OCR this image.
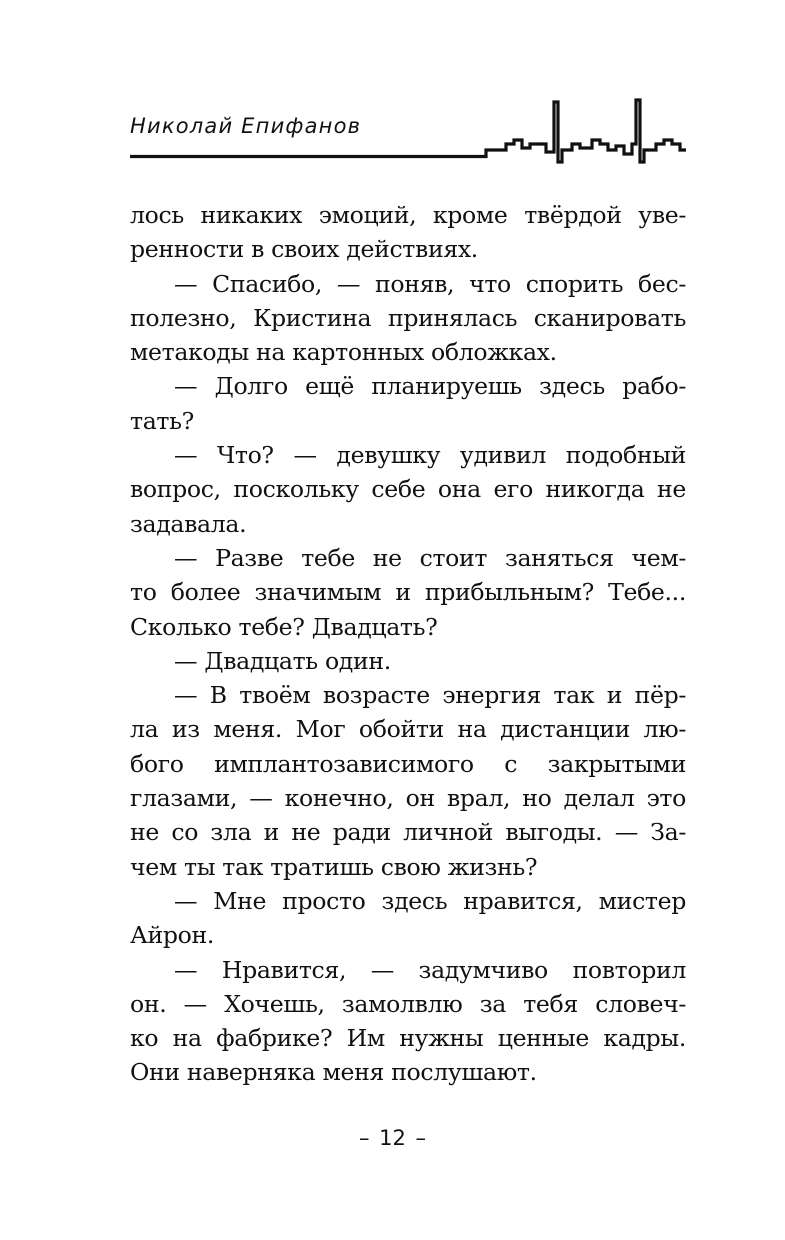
Николай Епифанов
лось никаких эмоций, кроме твёрдой уве-
ренности в своих действиях.
— Спасибо, — поняв, что спорить бес-
полезно, Кристина принялась сканировать
метакоды на картонных обложках.
— Долго ещё планируешь здесь рабо-
тать?
— Что? — девушку удивил подобный
вопрос, поскольку себе она его никогда не
задавала.
— Разве тебе не стоит заняться чем-
то более значимым и прибыльным? Тебе...
Сколько тебе? Двадцать?
— Двадцать один.
— В твоём возрасте энергия так и пёр-
ла из меня. Мог обойти на дистанции лю-
бого имплантозависимого с закрытыми
глазами, — конечно, он врал, но делал это
не со зла и не ради личной выгоды. — За-
чем ты так тратишь свою жизнь?
— Мне просто здесь нравится, мистер
Айрон.
— Нравится, — задумчиво повторил
он. — Хочешь, замолвлю за тебя словеч-
ко на фабрике? Им нужны ценные кадры.
Они наверняка меня послушают.
– 12 –
